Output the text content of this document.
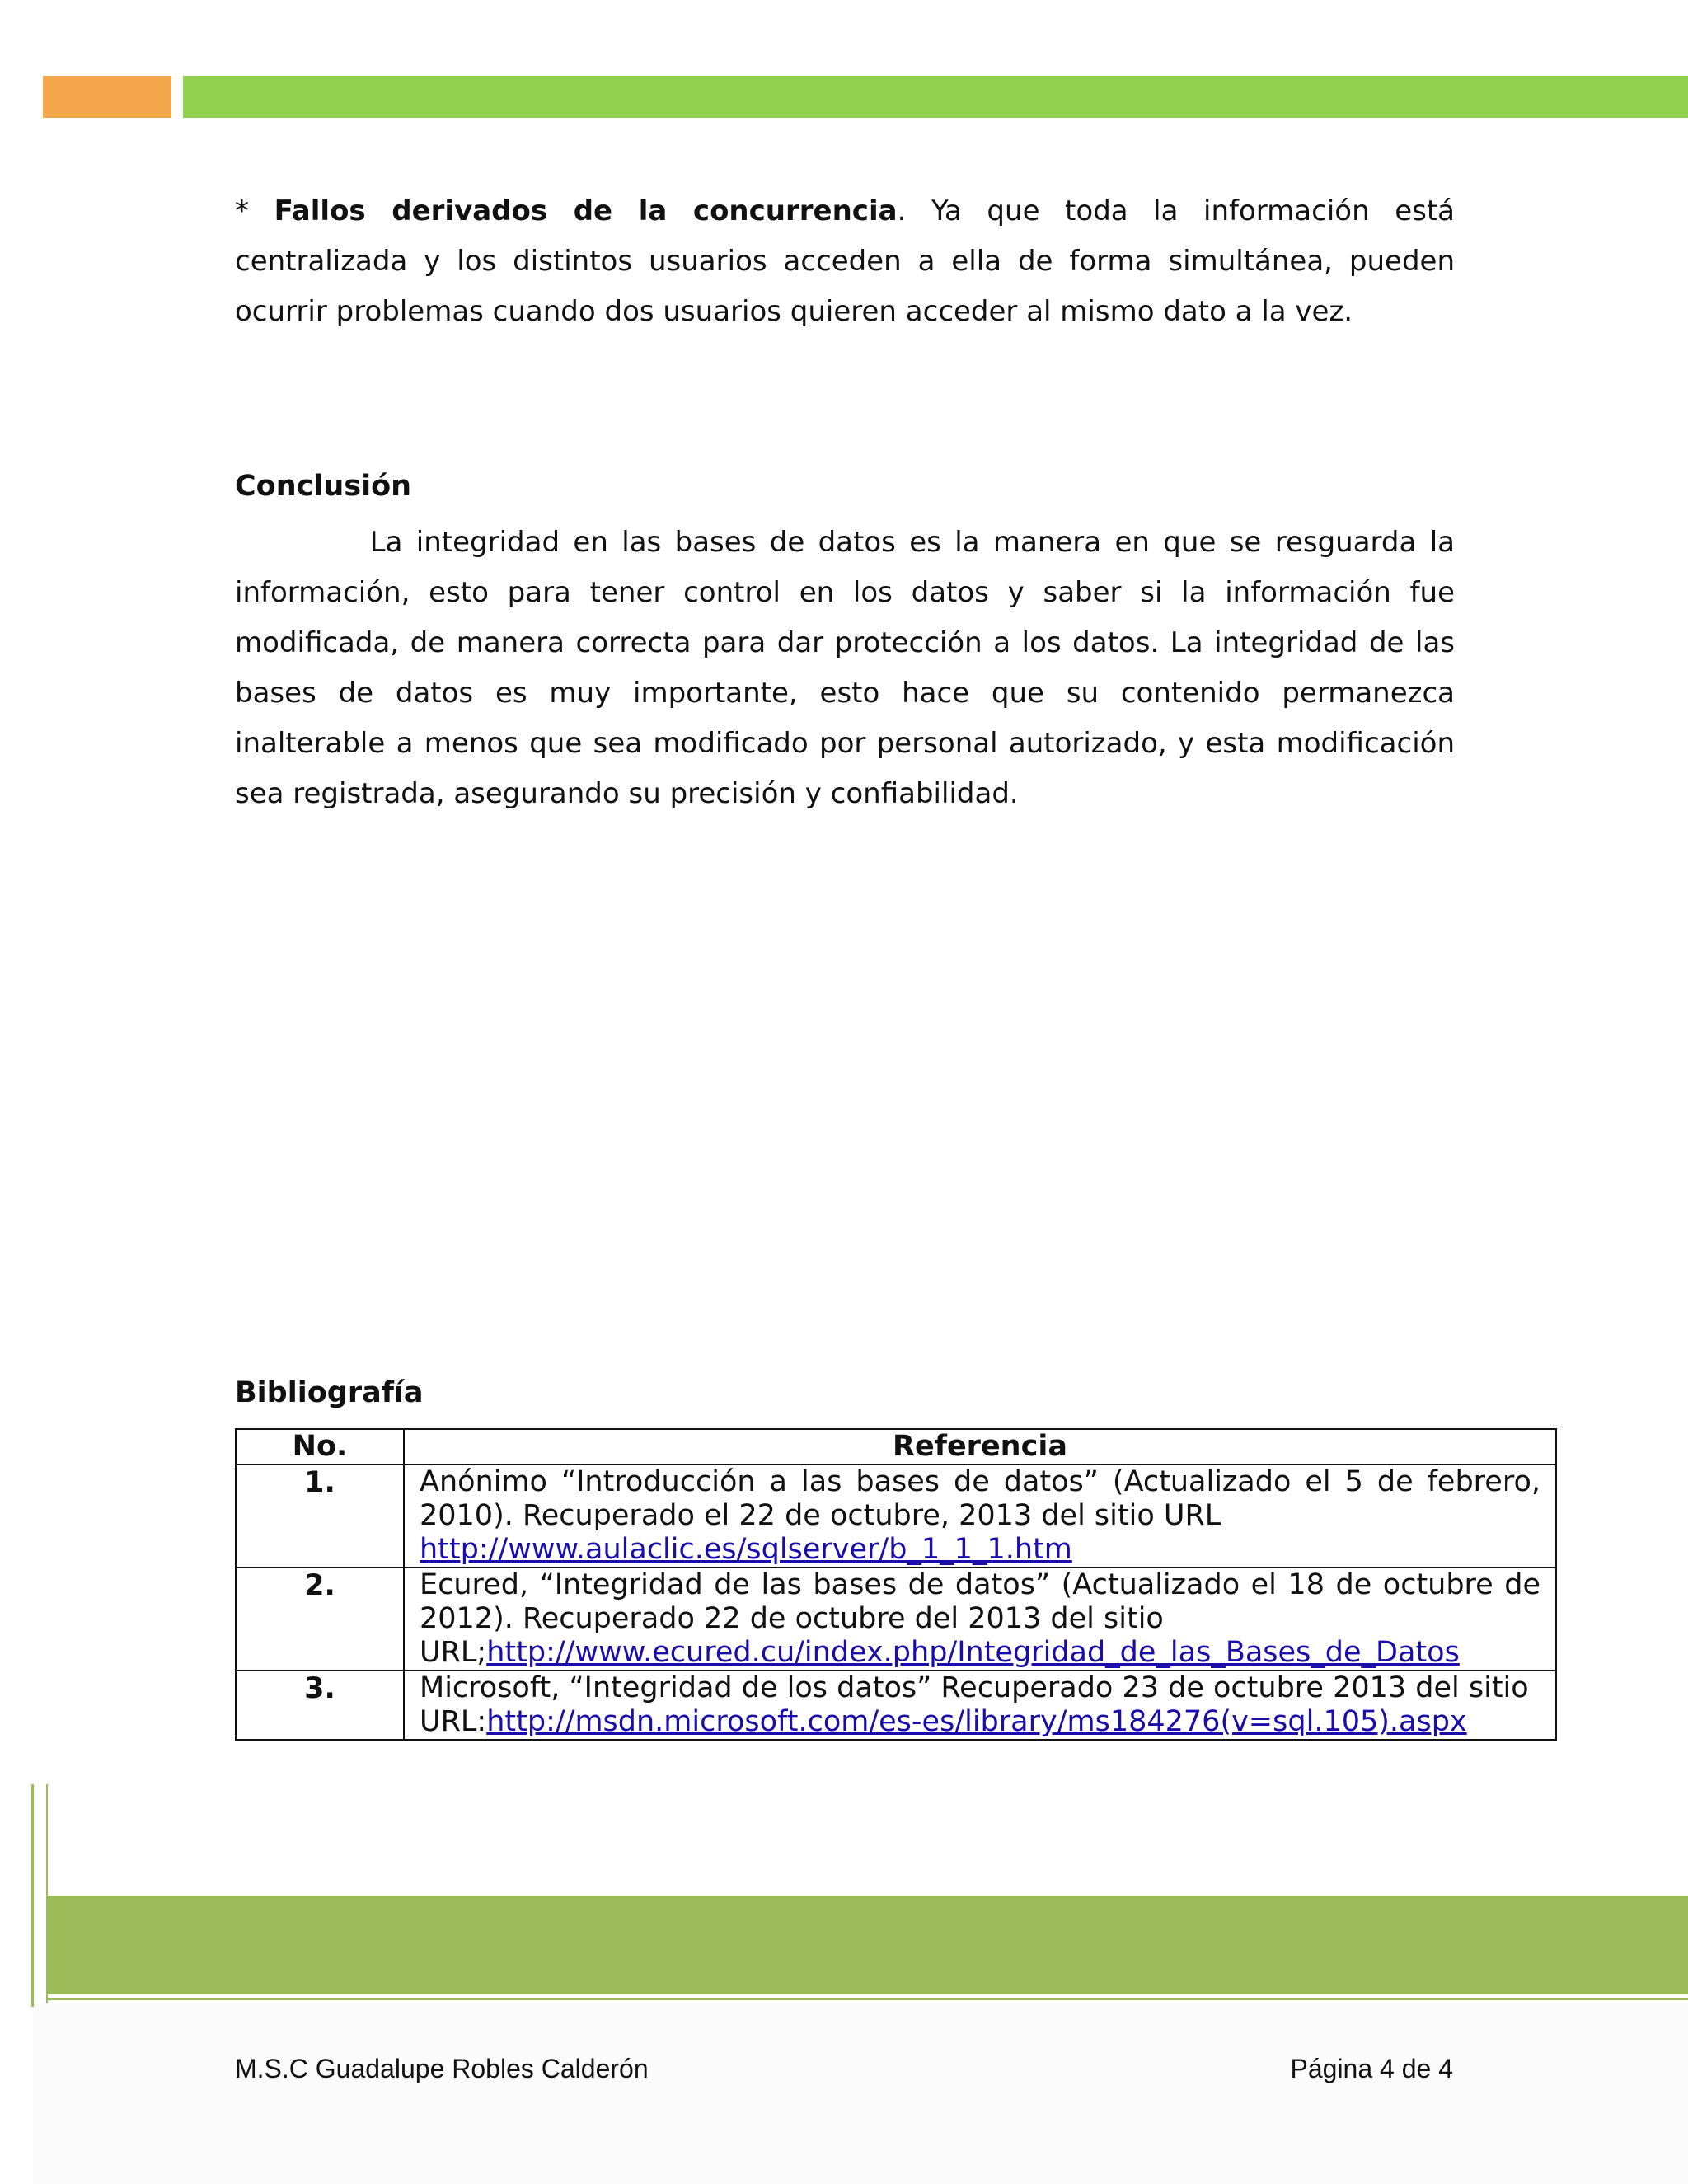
* Fallos derivados de la concurrencia. Ya que toda la información está centralizada y los distintos usuarios acceden a ella de forma simultánea, pueden ocurrir problemas cuando dos usuarios quieren acceder al mismo dato a la vez.

Conclusión

La integridad en las bases de datos es la manera en que se resguarda la información, esto para tener control en los datos y saber si la información fue modificada, de manera correcta para dar protección a los datos. La integridad de las bases de datos es muy importante, esto hace que su contenido permanezca inalterable a menos que sea modificado por personal autorizado, y esta modificación sea registrada, asegurando su precisión y confiabilidad.

Bibliografía
No.	Referencia
1.	Anónimo “Introducción a las bases de datos” (Actualizado el 5 de febrero, 2010). Recuperado el 22 de octubre, 2013 del sitio URL
http://www.aulaclic.es/sqlserver/b_1_1_1.htm
2.	Ecured, “Integridad de las bases de datos” (Actualizado el 18 de octubre de 2012). Recuperado 22 de octubre del 2013 del sitio
URL;http://www.ecured.cu/index.php/Integridad_de_las_Bases_de_Datos
3.	Microsoft, “Integridad de los datos” Recuperado 23 de octubre 2013 del sitio
URL:http://msdn.microsoft.com/es-es/library/ms184276(v=sql.105).aspx
M.S.C Guadalupe Robles Calderón	Página 4 de 4
